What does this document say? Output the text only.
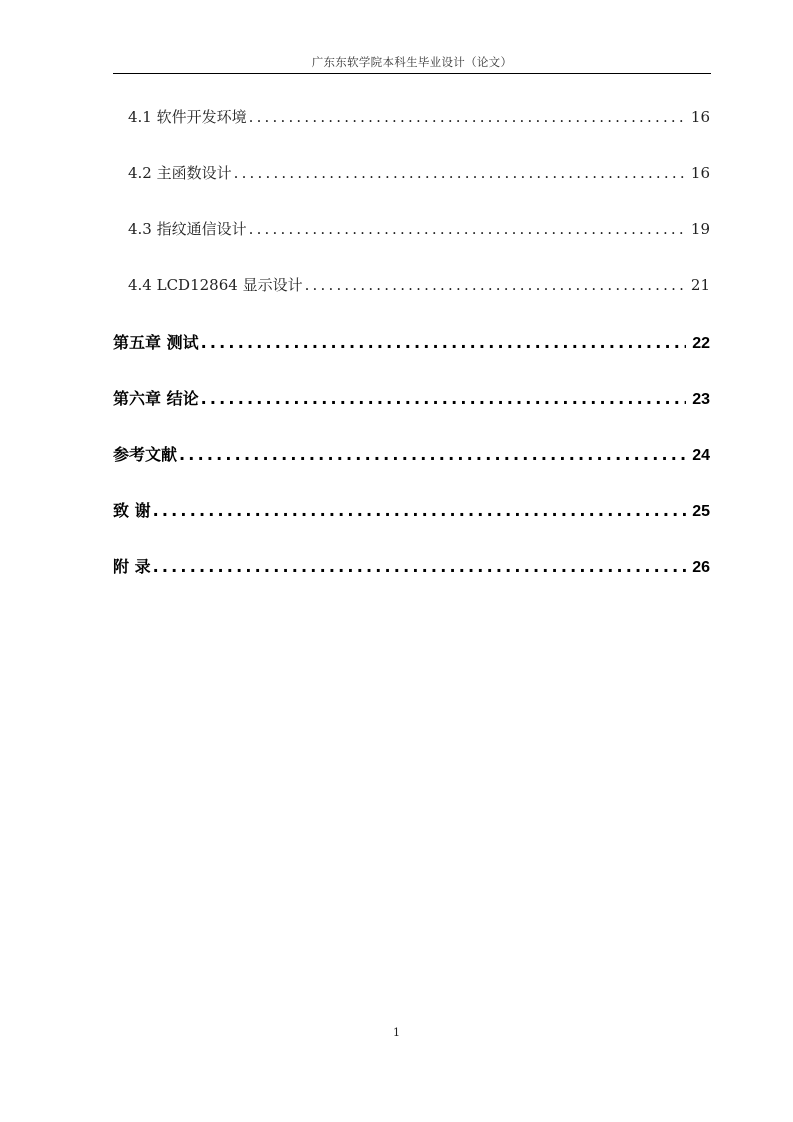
广东东软学院本科生毕业设计（论文）
4.1 软件开发环境 .....	16
4.2 主函数设计 .....	16
4.3 指纹通信设计 .....	19
4.4 LCD12864 显示设计 .....	21
第五章 测试 .....	22
第六章 结论 .....	23
参考文献 .....	24
致 谢 .....	25
附 录 .....	26
1
